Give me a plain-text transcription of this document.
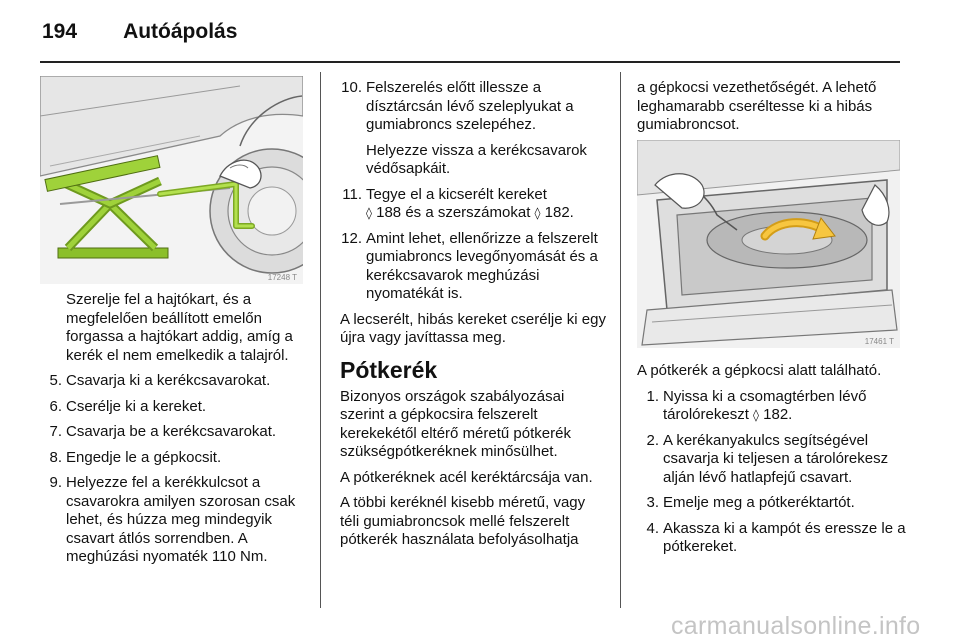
194 Autóápolás
17248 T

Szerelje fel a hajtókart, és a megfelelően beállított emelőn forgassa a hajtókart addig, amíg a kerék el nem emelkedik a talajról.

5. Csavarja ki a kerékcsavarokat.
6. Cserélje ki a kereket.
7. Csavarja be a kerékcsavarokat.
8. Engedje le a gépkocsit.
9. Helyezze fel a kerékkulcsot a csavarokra amilyen szorosan csak lehet, és húzza meg mindegyik csavart átlós sorrendben. A meghúzási nyomaték 110 Nm.
10. Felszerelés előtt illessze a dísztárcsán lévő szeleplyukat a gumiabroncs szelepéhez.

Helyezze vissza a kerékcsavarok védősapkáit.

11. Tegye el a kicserélt kereket
◊ 188 és a szerszámokat ◊ 182.
12. Amint lehet, ellenőrizze a felszerelt gumiabroncs levegőnyomását és a kerékcsavarok meghúzási nyomatékát is.

A lecserélt, hibás kereket cserélje ki egy újra vagy javíttassa meg.

Pótkerék

Bizonyos országok szabályozásai szerint a gépkocsira felszerelt kerekekétől eltérő méretű pótkerék szükségpótkeréknek minősülhet.

A pótkeréknek acél keréktárcsája van.

A többi keréknél kisebb méretű, vagy téli gumiabroncsok mellé felszerelt pótkerék használata befolyásolhatja

a gépkocsi vezethetőségét. A lehető leghamarabb cseréltesse ki a hibás gumiabroncsot.

17461 T

A pótkerék a gépkocsi alatt található.

1. Nyissa ki a csomagtérben lévő tárolórekeszt ◊ 182.
2. A kerékanyakulcs segítségével csavarja ki teljesen a tárolórekesz alján lévő hatlapfejű csavart.
3. Emelje meg a pótkeréktartót.
4. Akassza ki a kampót és eressze le a pótkereket.
carmanualsonline.info
